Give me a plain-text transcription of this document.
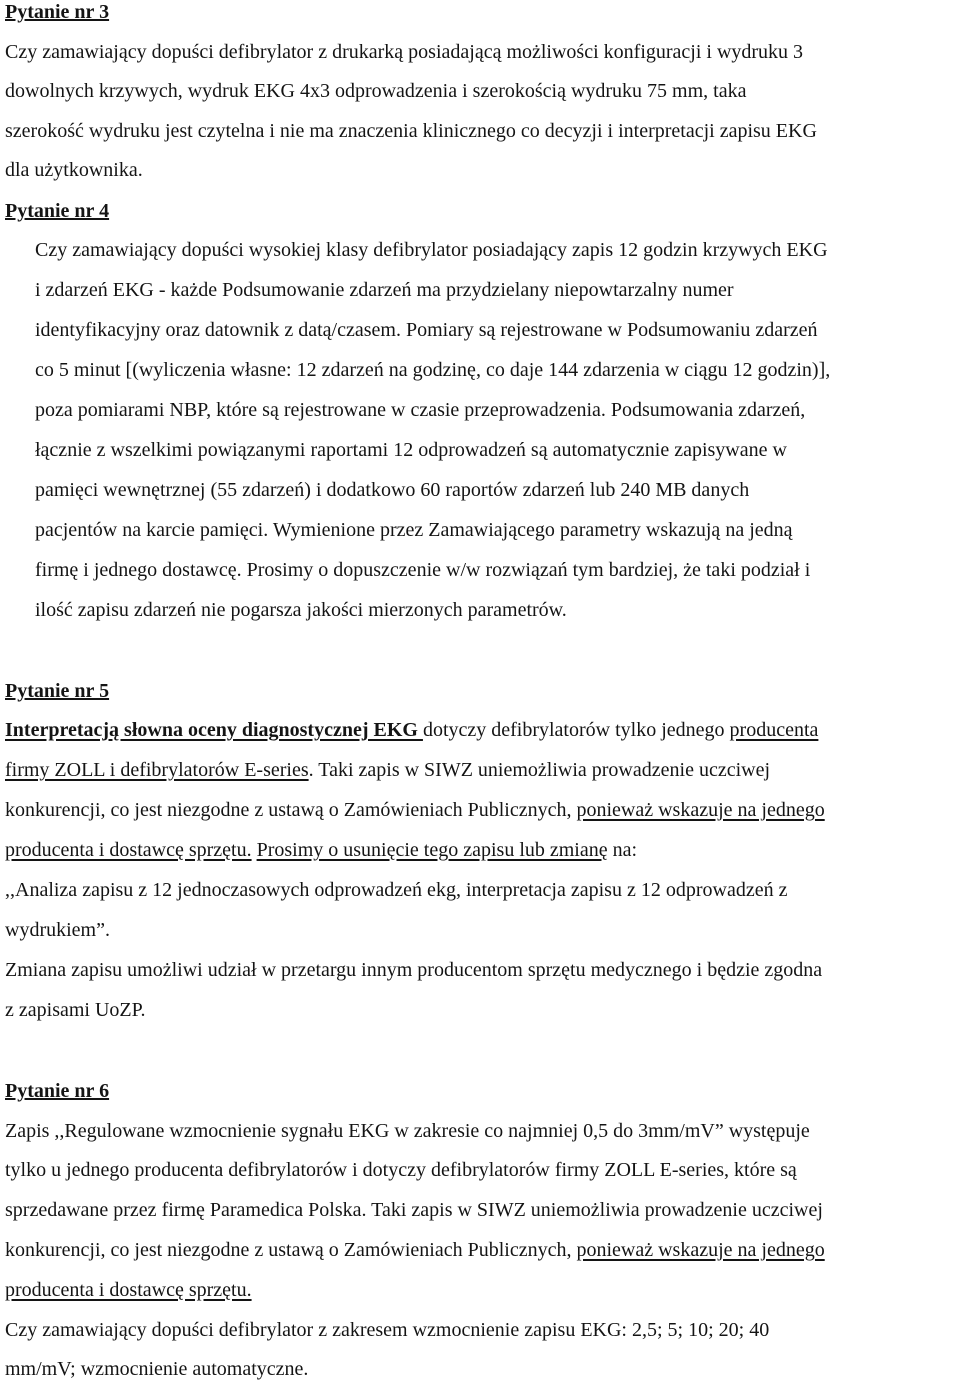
Pytanie nr 3
Czy zamawiający dopuści defibrylator z drukarką posiadającą możliwości konfiguracji i wydruku 3
dowolnych krzywych, wydruk EKG 4x3 odprowadzenia i szerokością wydruku 75 mm, taka
szerokość wydruku jest czytelna i nie ma znaczenia klinicznego co decyzji i interpretacji zapisu EKG
dla użytkownika.
Pytanie nr 4
Czy zamawiający dopuści wysokiej klasy defibrylator posiadający zapis 12 godzin krzywych EKG
i zdarzeń EKG - każde Podsumowanie zdarzeń ma przydzielany niepowtarzalny numer
identyfikacyjny oraz datownik z datą/czasem. Pomiary są rejestrowane w Podsumowaniu zdarzeń
co 5 minut [(wyliczenia własne: 12 zdarzeń na godzinę, co daje 144 zdarzenia w ciągu 12 godzin)],
poza pomiarami NBP, które są rejestrowane w czasie przeprowadzenia. Podsumowania zdarzeń,
łącznie z wszelkimi powiązanymi raportami 12 odprowadzeń są automatycznie zapisywane w
pamięci wewnętrznej (55 zdarzeń) i dodatkowo 60 raportów zdarzeń lub 240 MB danych
pacjentów na karcie pamięci. Wymienione przez Zamawiającego parametry wskazują na jedną
firmę i jednego dostawcę. Prosimy o dopuszczenie w/w rozwiązań tym bardziej, że taki podział i
ilość zapisu zdarzeń nie pogarsza jakości mierzonych parametrów.
Pytanie nr 5
Interpretacją słowna oceny diagnostycznej EKG dotyczy defibrylatorów tylko jednego producenta
firmy ZOLL i defibrylatorów E-series. Taki zapis w SIWZ uniemożliwia prowadzenie uczciwej
konkurencji, co jest niezgodne z ustawą o Zamówieniach Publicznych, ponieważ wskazuje na jednego
producenta i dostawcę sprzętu. Prosimy o usunięcie tego zapisu lub zmianę na:
,,Analiza zapisu z 12 jednoczasowych odprowadzeń ekg, interpretacja zapisu z 12 odprowadzeń z
wydrukiem”.
Zmiana zapisu umożliwi udział w przetargu innym producentom sprzętu medycznego i będzie zgodna
z zapisami UoZP.
Pytanie nr 6
Zapis ,,Regulowane wzmocnienie sygnału EKG w zakresie co najmniej 0,5 do 3mm/mV” występuje
tylko u jednego producenta defibrylatorów i dotyczy defibrylatorów firmy ZOLL E-series, które są
sprzedawane przez firmę Paramedica Polska. Taki zapis w SIWZ uniemożliwia prowadzenie uczciwej
konkurencji, co jest niezgodne z ustawą o Zamówieniach Publicznych, ponieważ wskazuje na jednego
producenta i dostawcę sprzętu.
Czy zamawiający dopuści defibrylator z zakresem wzmocnienie zapisu EKG: 2,5; 5; 10; 20; 40
mm/mV; wzmocnienie automatyczne.
